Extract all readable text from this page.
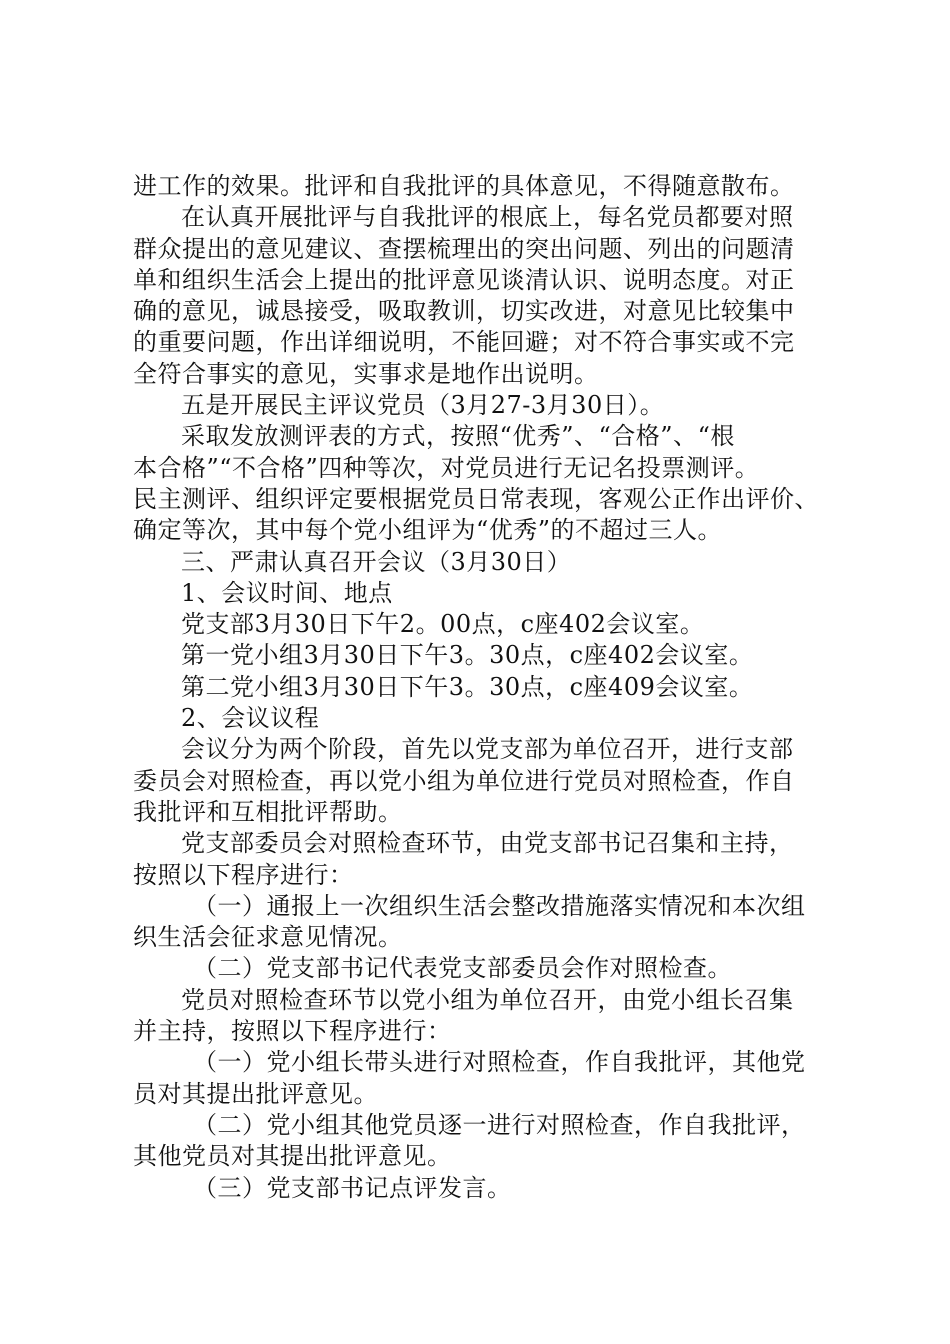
进工作的效果。批评和自我批评的具体意见，不得随意散布。
在认真开展批评与自我批评的根底上，每名党员都要对照
群众提出的意见建议、查摆梳理出的突出问题、列出的问题清
单和组织生活会上提出的批评意见谈清认识、说明态度。对正
确的意见，诚恳接受，吸取教训，切实改进，对意见比较集中
的重要问题，作出详细说明，不能回避；对不符合事实或不完
全符合事实的意见，实事求是地作出说明。
五是开展民主评议党员（3月27-3月30日）。
采取发放测评表的方式，按照“优秀”、“合格”、“根
本合格”“不合格”四种等次，对党员进行无记名投票测评。
民主测评、组织评定要根据党员日常表现，客观公正作出评价、
确定等次，其中每个党小组评为“优秀”的不超过三人。
三、严肃认真召开会议（3月30日）
1、会议时间、地点
党支部3月30日下午2。00点，c座402会议室。
第一党小组3月30日下午3。30点，c座402会议室。
第二党小组3月30日下午3。30点，c座409会议室。
2、会议议程
会议分为两个阶段，首先以党支部为单位召开，进行支部
委员会对照检查，再以党小组为单位进行党员对照检查，作自
我批评和互相批评帮助。
党支部委员会对照检查环节，由党支部书记召集和主持，
按照以下程序进行：
（一）通报上一次组织生活会整改措施落实情况和本次组
织生活会征求意见情况。
（二）党支部书记代表党支部委员会作对照检查。
党员对照检查环节以党小组为单位召开，由党小组长召集
并主持，按照以下程序进行：
（一）党小组长带头进行对照检查，作自我批评，其他党
员对其提出批评意见。
（二）党小组其他党员逐一进行对照检查，作自我批评，
其他党员对其提出批评意见。
（三）党支部书记点评发言。
